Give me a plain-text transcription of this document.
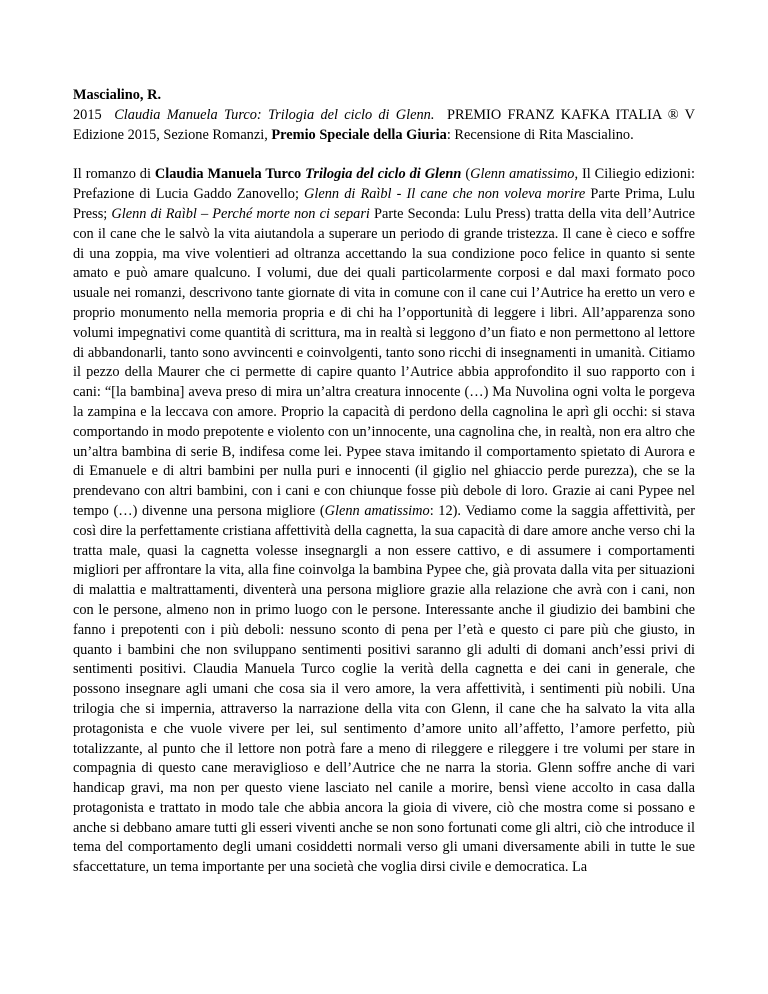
Mascialino, R.
2015 Claudia Manuela Turco: Trilogia del ciclo di Glenn. PREMIO FRANZ KAFKA ITALIA ® V Edizione 2015, Sezione Romanzi, Premio Speciale della Giuria: Recensione di Rita Mascialino.

Il romanzo di Claudia Manuela Turco Trilogia del ciclo di Glenn (Glenn amatissimo, Il Ciliegio edizioni: Prefazione di Lucia Gaddo Zanovello; Glenn di Raìbl - Il cane che non voleva morire Parte Prima, Lulu Press; Glenn di Raìbl – Perché morte non ci separi Parte Seconda: Lulu Press) tratta della vita dell’Autrice con il cane che le salvò la vita aiutandola a superare un periodo di grande tristezza. Il cane è cieco e soffre di una zoppia, ma vive volentieri ad oltranza accettando la sua condizione poco felice in quanto si sente amato e può amare qualcuno. I volumi, due dei quali particolarmente corposi e dal maxi formato poco usuale nei romanzi, descrivono tante giornate di vita in comune con il cane cui l’Autrice ha eretto un vero e proprio monumento nella memoria propria e di chi ha l’opportunità di leggere i libri. All’apparenza sono volumi impegnativi come quantità di scrittura, ma in realtà si leggono d’un fiato e non permettono al lettore di abbandonarli, tanto sono avvincenti e coinvolgenti, tanto sono ricchi di insegnamenti in umanità. Citiamo il pezzo della Maurer che ci permette di capire quanto l’Autrice abbia approfondito il suo rapporto con i cani: “[la bambina] aveva preso di mira un’altra creatura innocente (…) Ma Nuvolina ogni volta le porgeva la zampina e la leccava con amore. Proprio la capacità di perdono della cagnolina le aprì gli occhi: si stava comportando in modo prepotente e violento con un’innocente, una cagnolina che, in realtà, non era altro che un’altra bambina di serie B, indifesa come lei. Pypee stava imitando il comportamento spietato di Aurora e di Emanuele e di altri bambini per nulla puri e innocenti (il giglio nel ghiaccio perde purezza), che se la prendevano con altri bambini, con i cani e con chiunque fosse più debole di loro. Grazie ai cani Pypee nel tempo (…) divenne una persona migliore (Glenn amatissimo: 12). Vediamo come la saggia affettività, per così dire la perfettamente cristiana affettività della cagnetta, la sua capacità di dare amore anche verso chi la tratta male, quasi la cagnetta volesse insegnargli a non essere cattivo, e di assumere i comportamenti migliori per affrontare la vita, alla fine coinvolga la bambina Pypee che, già provata dalla vita per situazioni di malattia e maltrattamenti, diventerà una persona migliore grazie alla relazione che avrà con i cani, non con le persone, almeno non in primo luogo con le persone. Interessante anche il giudizio dei bambini che fanno i prepotenti con i più deboli: nessuno sconto di pena per l’età e questo ci pare più che giusto, in quanto i bambini che non sviluppano sentimenti positivi saranno gli adulti di domani anch’essi privi di sentimenti positivi. Claudia Manuela Turco coglie la verità della cagnetta e dei cani in generale, che possono insegnare agli umani che cosa sia il vero amore, la vera affettività, i sentimenti più nobili. Una trilogia che si impernia, attraverso la narrazione della vita con Glenn, il cane che ha salvato la vita alla protagonista e che vuole vivere per lei, sul sentimento d’amore unito all’affetto, l’amore perfetto, più totalizzante, al punto che il lettore non potrà fare a meno di rileggere e rileggere i tre volumi per stare in compagnia di questo cane meraviglioso e dell’Autrice che ne narra la storia. Glenn soffre anche di vari handicap gravi, ma non per questo viene lasciato nel canile a morire, bensì viene accolto in casa dalla protagonista e trattato in modo tale che abbia ancora la gioia di vivere, ciò che mostra come si possano e anche si debbano amare tutti gli esseri viventi anche se non sono fortunati come gli altri, ciò che introduce il tema del comportamento degli umani cosiddetti normali verso gli umani diversamente abili in tutte le sue sfaccettature, un tema importante per una società che voglia dirsi civile e democratica. La
